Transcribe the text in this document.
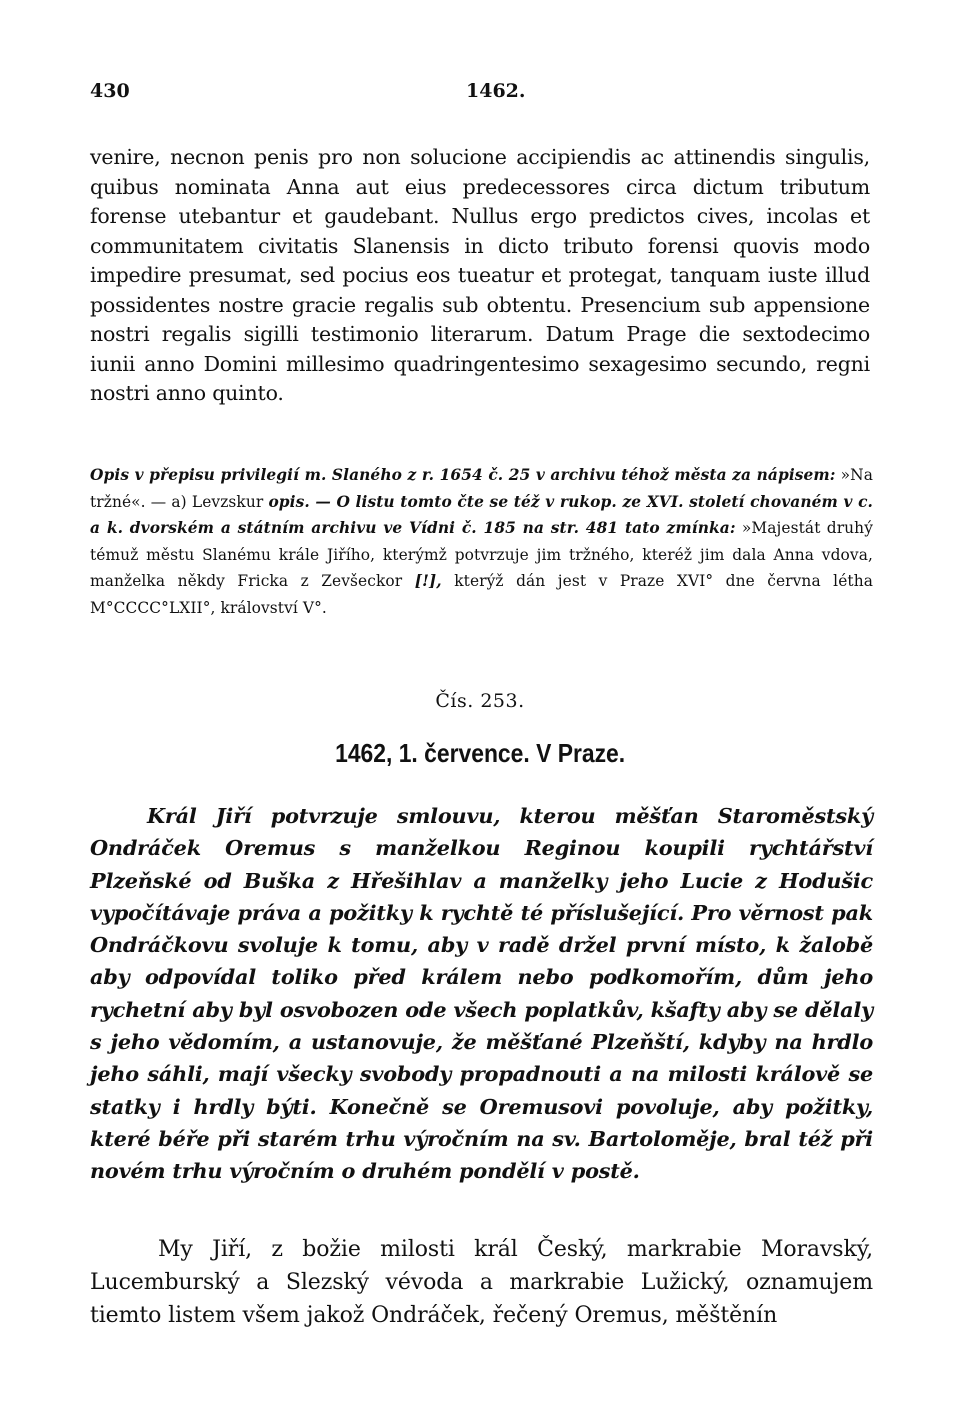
430	1462.

venire, necnon penis pro non solucione accipiendis ac attinendis singulis, quibus nominata Anna aut eius predecessores circa dictum tributum forense utebantur et gaudebant. Nullus ergo predictos cives, incolas et communitatem civitatis Slanensis in dicto tributo forensi quovis modo impedire presumat, sed pocius eos tueatur et protegat, tanquam iuste illud possidentes nostre gracie regalis sub obtentu. Presencium sub appensione nostri regalis sigilli testimonio literarum. Datum Prage die sextodecimo iunii anno Domini millesimo quadringentesimo sexagesimo secundo, regni nostri anno quinto.

Opis v přepisu privilegií m. Slaného z r. 1654 č. 25 v archivu téhož města za nápisem: »Na tržné«. — a) Levzskur opis. — O listu tomto čte se též v rukop. ze XVI. století chovaném v c. a k. dvorském a státním archivu ve Vídni č. 185 na str. 481 tato zmínka: »Majestát druhý témuž městu Slanému krále Jiřího, kterýmž potvrzuje jim tržného, kteréž jim dala Anna vdova, manželka někdy Fricka z Zevšeckor [!], kterýž dán jest v Praze XVI° dne června létha M°CCCC°LXII°, království V°.

Čís. 253.
1462, 1. července. V Praze.

Král Jiří potvrzuje smlouvu, kterou měšťan Staroměstský Ondráček Oremus s manželkou Reginou koupili rychtářství Plzeňské od Buška z Hřešihlav a manželky jeho Lucie z Hodušic vypočítávaje práva a požitky k rychtě té příslušející. Pro věrnost pak Ondráčkovu svoluje k tomu, aby v radě držel první místo, k žalobě aby odpovídal toliko před králem nebo podkomořím, dům jeho rychetní aby byl osvobozen ode všech poplatkův, kšafty aby se dělaly s jeho vědomím, a ustanovuje, že měšťané Plzeňští, kdyby na hrdlo jeho sáhli, mají všecky svobody propadnouti a na milosti králově se statky i hrdly býti. Konečně se Oremusovi povoluje, aby požitky, které béře při starém trhu výročním na sv. Bartoloměje, bral též při novém trhu výročním o druhém pondělí v postě.

My Jiří, z božie milosti král Český, markrabie Moravský, Lucemburský a Slezský vévoda a markrabie Lužický, oznamujem tiemto listem všem jakož Ondráček, řečený Oremus, měštěnín
